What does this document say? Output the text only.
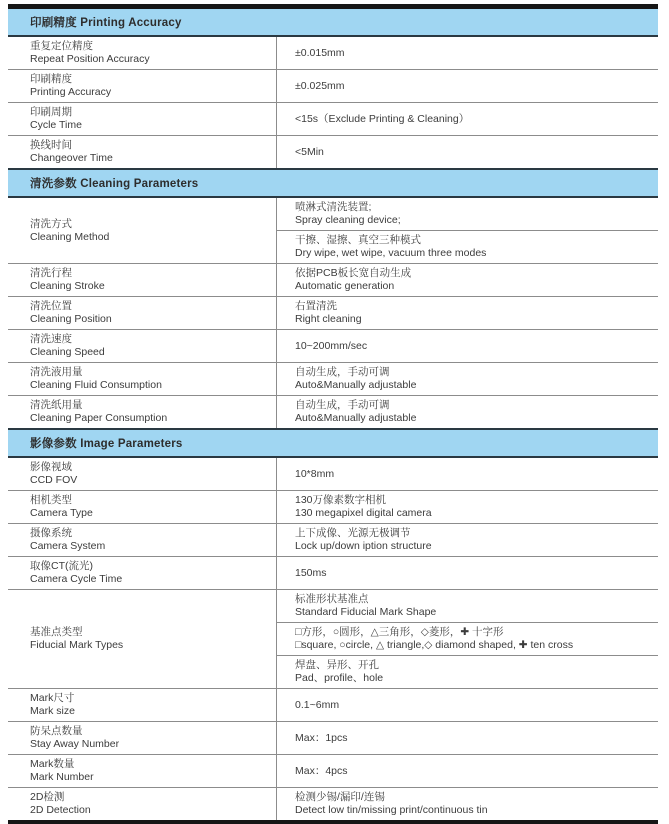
印刷精度 Printing Accuracy
重复定位精度
Repeat Position Accuracy
±0.015mm
印刷精度
Printing Accuracy
±0.025mm
印刷周期
Cycle Time
<15s（Exclude Printing & Cleaning）
换线时间
Changeover Time
<5Min
清洗参数 Cleaning Parameters
清洗方式
Cleaning Method
喷淋式清洗装置;
Spray cleaning device;
干擦、湿擦、真空三种模式
Dry wipe, wet wipe, vacuum three modes
清洗行程
Cleaning Stroke
依据PCB板长宽自动生成
Automatic generation
清洗位置
Cleaning Position
右置清洗
Right cleaning
清洗速度
Cleaning Speed
10~200mm/sec
清洗液用量
Cleaning Fluid Consumption
自动生成，手动可调
Auto&Manually adjustable
清洗纸用量
Cleaning Paper Consumption
自动生成，手动可调
Auto&Manually adjustable
影像参数 Image Parameters
影像视域
CCD FOV
10*8mm
相机类型
Camera Type
130万像素数字相机
130 megapixel digital camera
摄像系统
Camera System
上下成像、光源无极调节
Lock up/down iption structure
取像CT(流光)
Camera Cycle Time
150ms
基准点类型
Fiducial Mark Types
标准形状基准点
Standard Fiducial Mark Shape
□方形，○圆形，△三角形，◇菱形，✚ 十字形
□square, ○circle, △ triangle,◇ diamond shaped, ✚ ten cross
焊盘、异形、开孔
Pad、profile、hole
Mark尺寸
Mark size
0.1~6mm
防呆点数量
Stay Away Number
Max：1pcs
Mark数量
Mark Number
Max：4pcs
2D检测
2D Detection
检测少锡/漏印/连锡
Detect low tin/missing print/continuous tin
